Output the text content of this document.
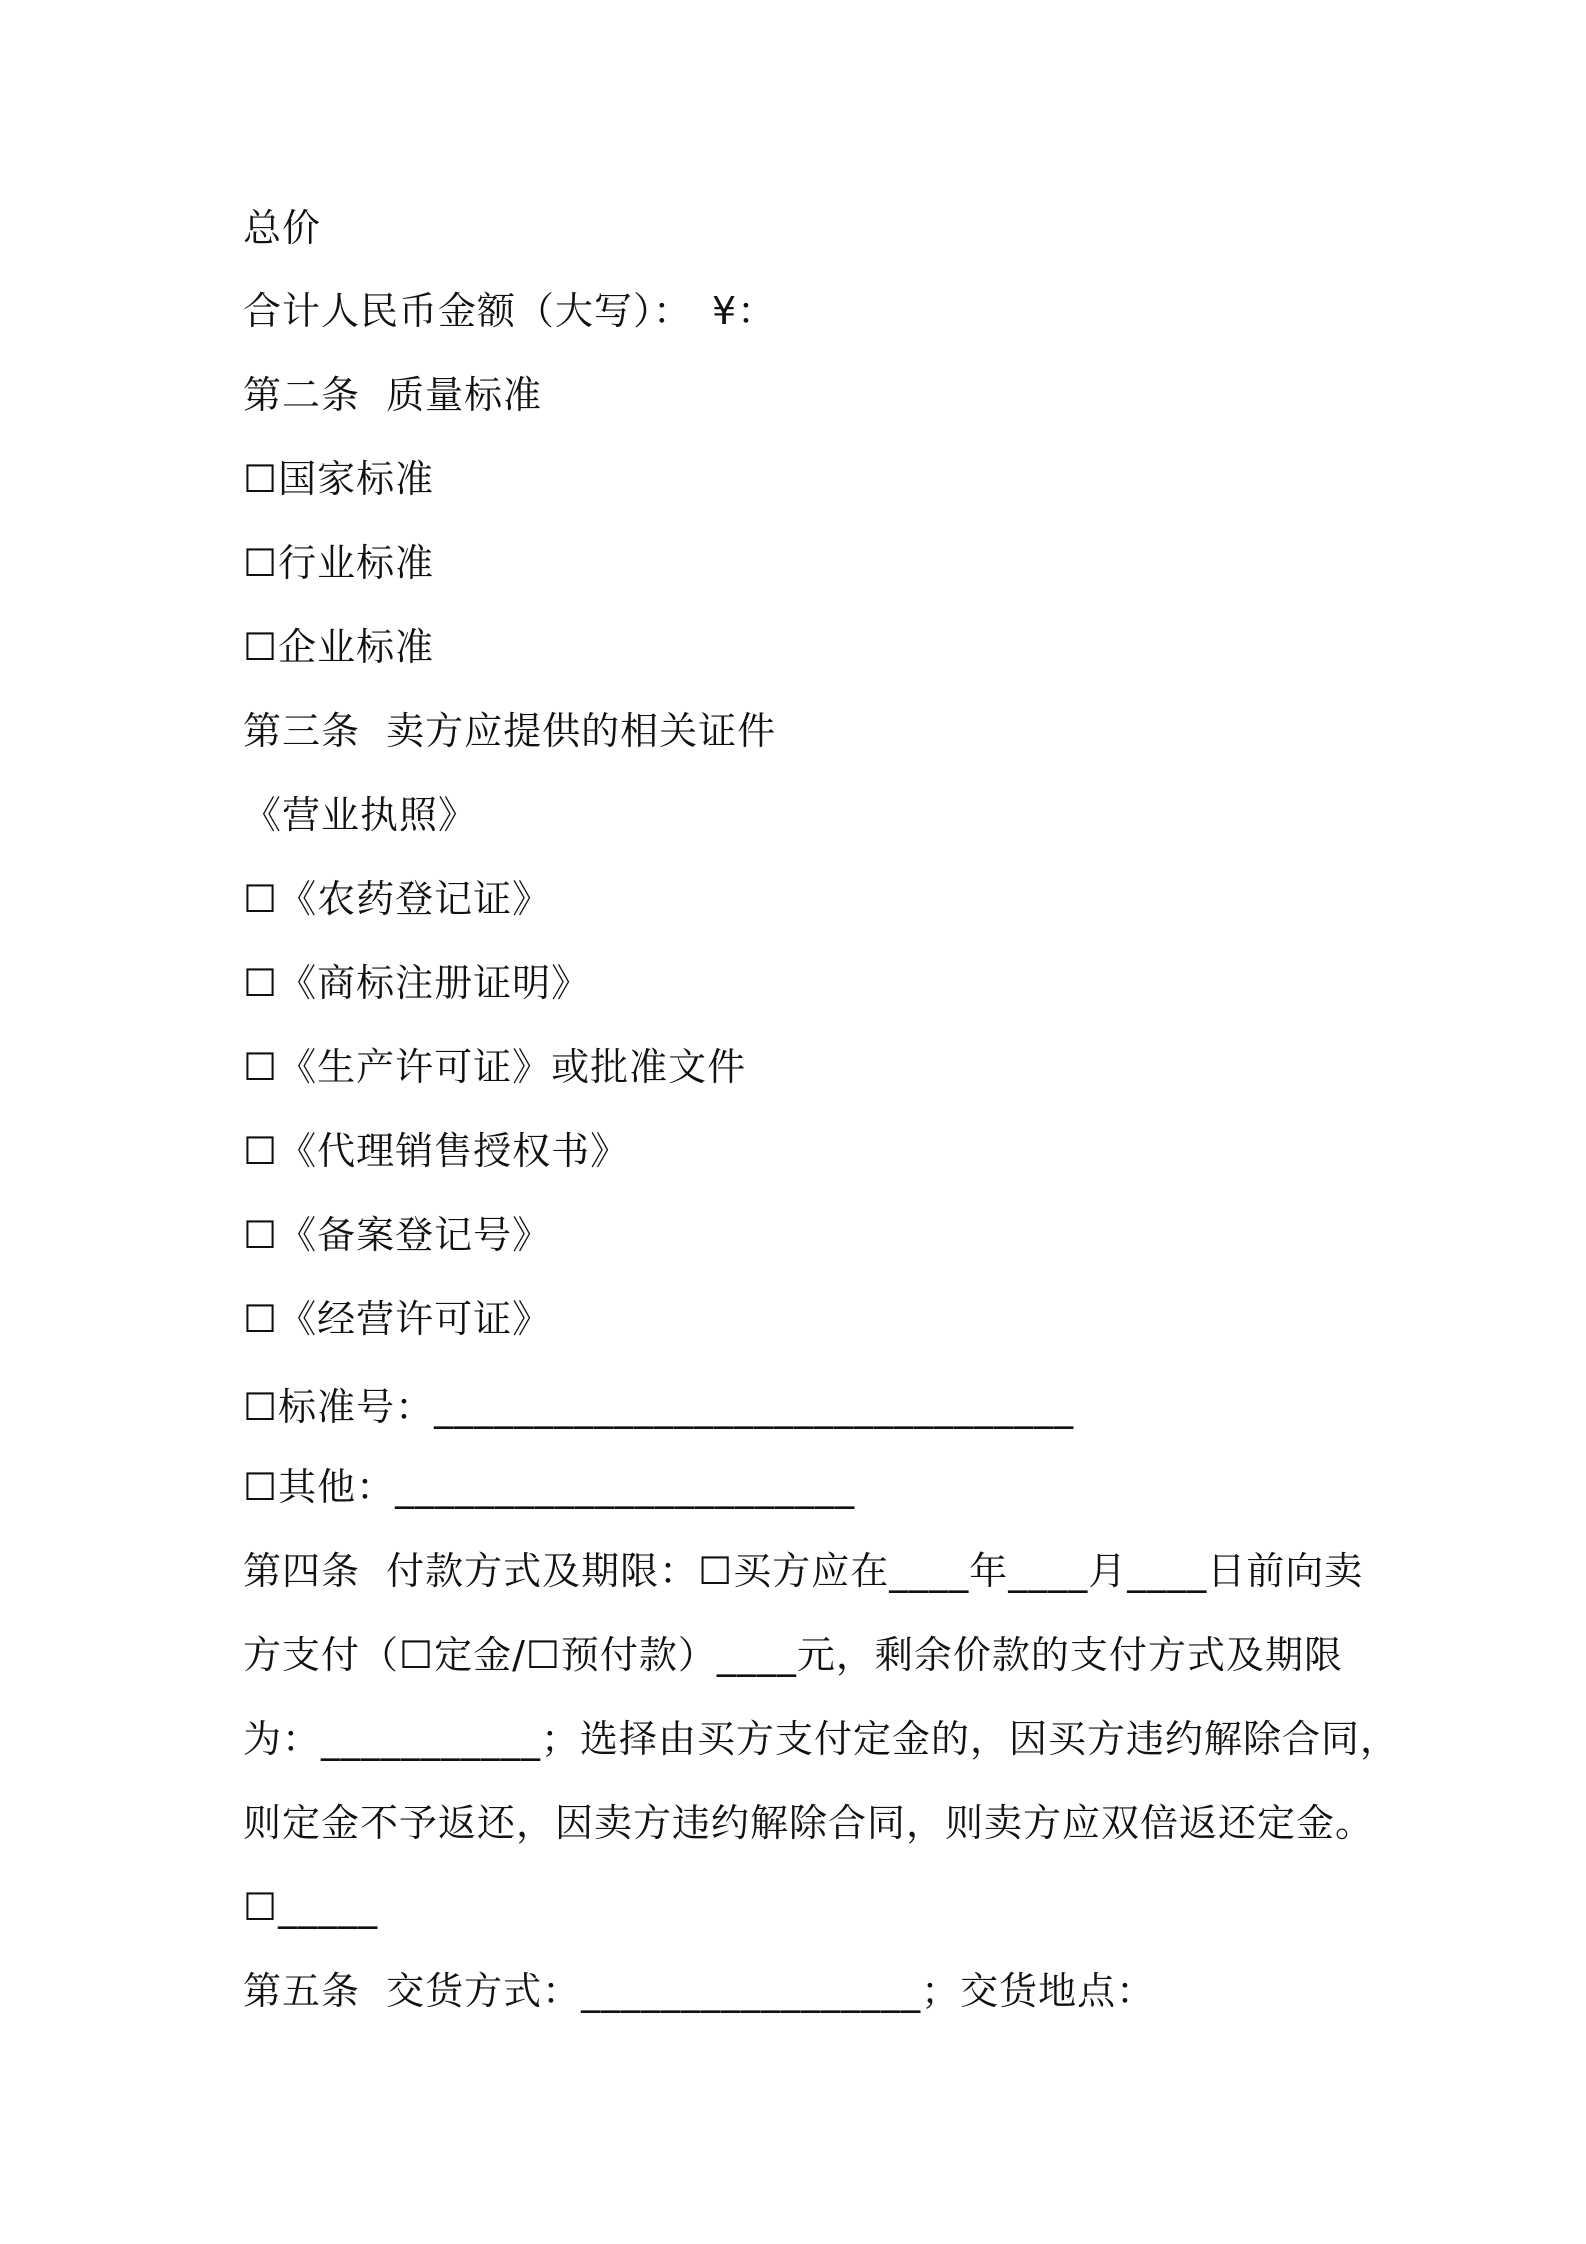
总价
合计人民币金额（大写）：　¥：
第二条  质量标准
☐国家标准
☐行业标准
☐企业标准
第三条  卖方应提供的相关证件
《营业执照》
☐《农药登记证》
☐《商标注册证明》
☐《生产许可证》或批准文件
☐《代理销售授权书》
☐《备案登记号》
☐《经营许可证》
☐标准号：________________________________
☐其他：_______________________
第四条  付款方式及期限：☐买方应在____年____月____日前向卖
方支付（☐定金/☐预付款）____元，剩余价款的支付方式及期限
为：___________；选择由买方支付定金的，因买方违约解除合同，
则定金不予返还，因卖方违约解除合同，则卖方应双倍返还定金。
☐_____
第五条  交货方式：_________________；交货地点：
